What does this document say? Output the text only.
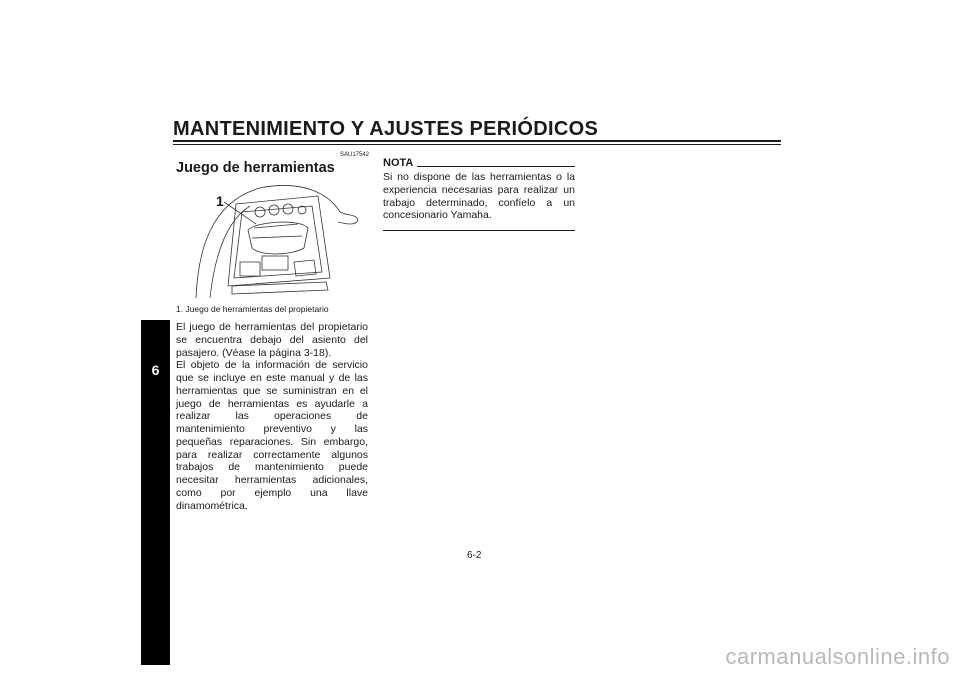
MANTENIMIENTO Y AJUSTES PERIÓDICOS
6
SAU17542
Juego de herramientas
1
1. Juego de herramientas del propietario

El juego de herramientas del propietario se encuentra debajo del asiento del pasajero. (Véase la página 3-18).

El objeto de la información de servicio que se incluye en este manual y de las herramientas que se suministran en el juego de herramientas es ayudarle a realizar las operaciones de mantenimiento preventivo y las pequeñas reparaciones. Sin embargo, para realizar correctamente algunos trabajos de mantenimiento puede necesitar herramientas adicionales, como por ejemplo una llave dinamométrica.

NOTA
Si no dispone de las herramientas o la experiencia necesarias para realizar un trabajo determinado, confíelo a un concesionario Yamaha.
6-2
carmanualsonline.info
